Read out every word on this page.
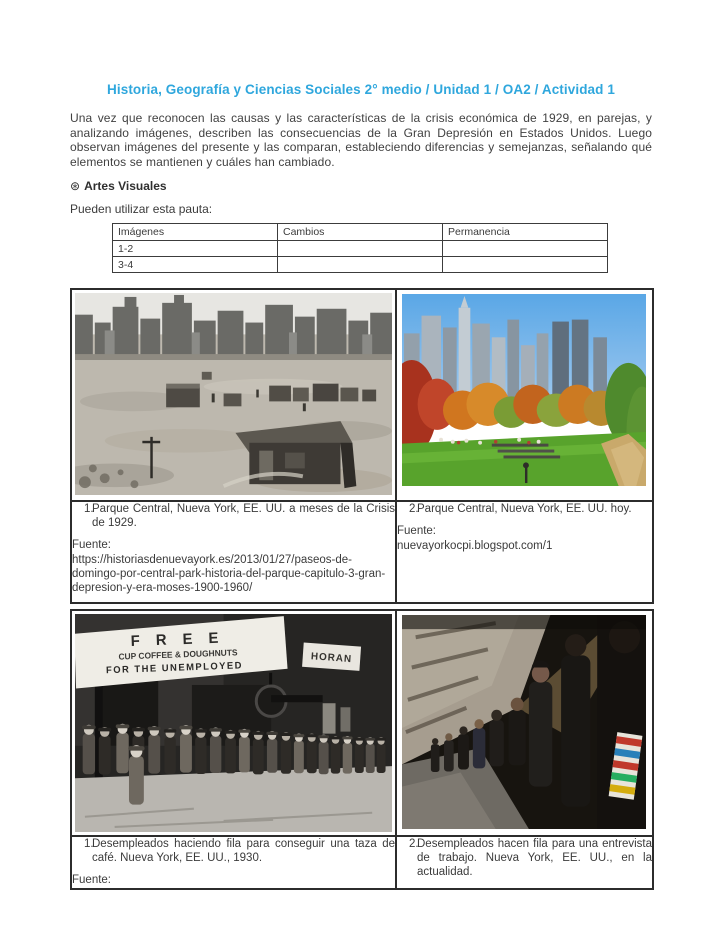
Historia, Geografía y Ciencias Sociales 2° medio / Unidad 1 / OA2 / Actividad 1

Una vez que reconocen las causas y las características de la crisis económica de 1929, en parejas, y analizando imágenes, describen las consecuencias de la Gran Depresión en Estados Unidos. Luego observan imágenes del presente y las comparan, estableciendo diferencias y semejanzas, señalando qué elementos se mantienen y cuáles han cambiado.

⊛ Artes Visuales

Pueden utilizar esta pauta:

Imágenes	Cambios	Permanencia
1-2		
3-4		

1.
Parque Central, Nueva York, EE. UU. a meses de la Crisis de 1929.
Fuente:
https://historiasdenuevayork.es/2013/01/27/paseos-de-domingo-por-central-park-historia-del-parque-capitulo-3-gran-depresion-y-era-moses-1900-1960/

2.
Parque Central, Nueva York, EE. UU. hoy.
Fuente:
nuevayorkocpi.blogspot.com/1
F R E E
CUP COFFEE & DOUGHNUTS
FOR THE UNEMPLOYED
HORAN

1.
Desempleados haciendo fila para conseguir una taza de café. Nueva York, EE. UU., 1930.
Fuente:

2.
Desempleados hacen fila para una entrevista de trabajo. Nueva York, EE. UU., en la actualidad.
